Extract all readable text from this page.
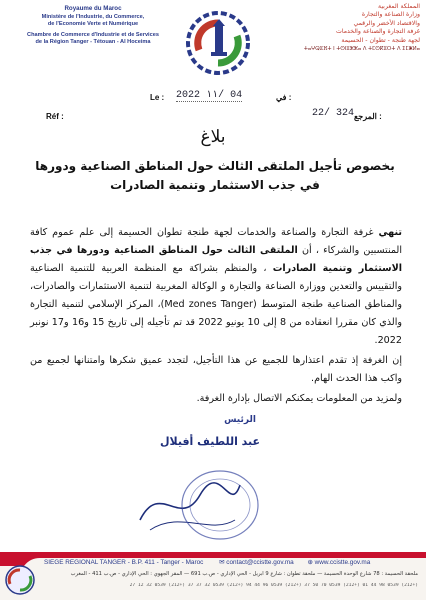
Royaume du Maroc
Ministère de l'Industrie, du Commerce,
de l'Economie Verte et Numérique
Chambre de Commerce d'Industrie et de Services
de la Région Tanger - Tétouan - Al Hoceima
المملكة المغربية
وزارة الصناعة والتجارة
والاقتصاد الأخضر والرقمي
غرفة التجارة والصناعة والخدمات
لجهة طنجة - تطوان - الحسيمة
ⵜⴰⵖⵕⵓⴼⵜ ⵏ ⵜⵙⵏⵓⵣⵣⴰ ⴷ ⵜⵎⵙⴽⵓⵔⵜ ⴷ ⵉⵎⵥⵍⴰ
Le : 2022 ١١/ 04	في :
Réf :	22/ 324 المرجع :
بلاغ
بخصوص تأجيل الملتقى الثالث حول المناطق الصناعية ودورها في جذب الاستثمار وتنمية الصادرات
تنهي غرفة التجارة والصناعة والخدمات لجهة طنجة تطوان الحسيمة إلى علم عموم كافة المنتسبين والشركاء ، أن الملتقى الثالث حول المناطق الصناعية ودورها في جذب الاستثمار وتنمية الصادرات ، والمنظم بشراكة مع المنظمة العربية للتنمية الصناعية والتقييس والتعدين ووزارة الصناعة والتجارة و الوكالة المغربية لتنمية الاستثمارات والصادرات، والمناطق الصناعية طنجة المتوسط (Med zones Tanger)، المركز الإسلامي لتنمية التجارة والذي كان مقررا انعقاده من 8 إلى 10 يونيو 2022 قد تم تأجيله إلى تاريخ 15 و16 و17 نونبر 2022.
إن الغرفة إذ تقدم اعتذارها للجميع عن هذا التأجيل، لتجدد عميق شكرها وامتنانها لجميع من واكب هذا الحدث الهام.
ولمزيد من المعلومات يمكنكم الاتصال بإدارة الغرفة.
الرئيس
عبد اللطيف أفيلال
SIEGE REGIONAL TANGER - B.P. 411 - Tanger - Maroc ✉ contact@ccistte.gov.ma ⊕ www.ccistte.gov.ma
ملحقة الحسيمة : 78 شارع الوحدة الحسيمة — ملحقة تطوان : شارع 9 أبريل - الحي الإداري - ص.ب 691 — المقر الجهوي : الحي الإداري - ص.ب 411 - المغرب
(+212) 0539 98 44 01 (+212) 0539 70 50 37 (+212) 0539 96 44 94 (+212) 0539 32 37 37 (+212) 0539 32 12 27
